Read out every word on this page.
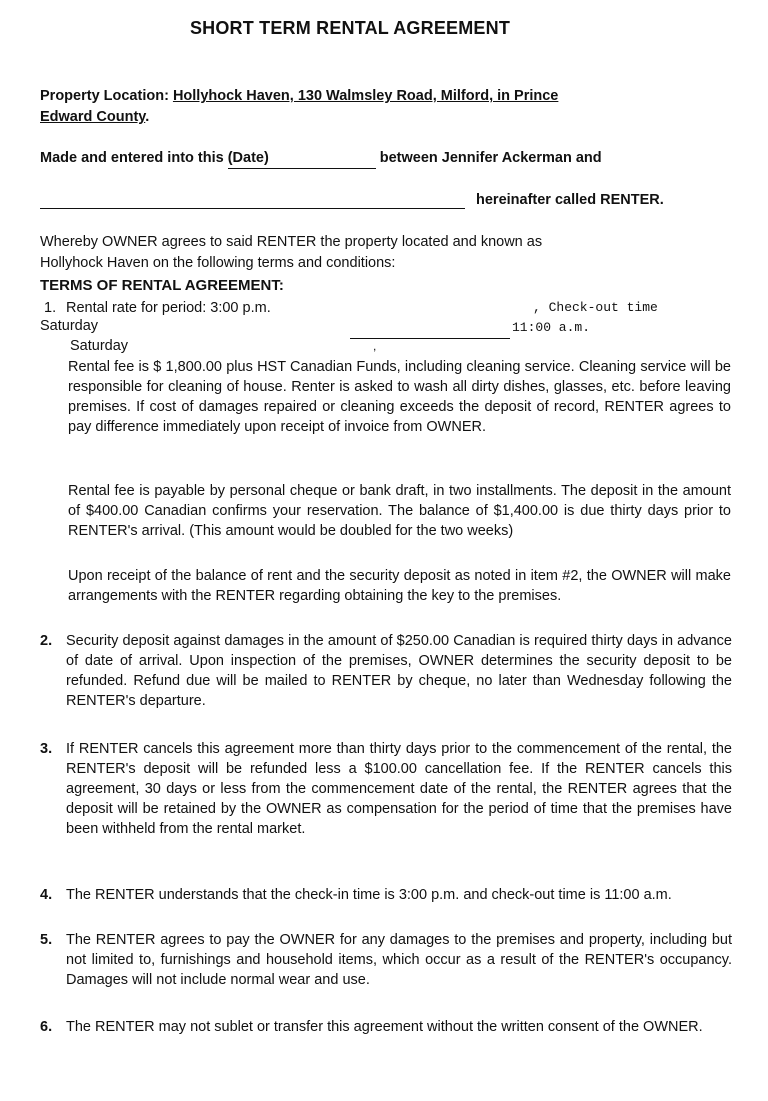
SHORT TERM RENTAL AGREEMENT
Property Location: Hollyhock Haven, 130 Walmsley Road, Milford, in Prince
Edward County.
Made and entered into this (Date)	between Jennifer Ackerman and
hereinafter called RENTER.
Whereby OWNER agrees to said RENTER the property located and known as
Hollyhock Haven on the following terms and conditions:
TERMS OF RENTAL AGREEMENT:
1. Rental rate for period: 3:00 p.m.	, Check-out time
Saturday	11:00 a.m.
,
Saturday
Rental fee is $ 1,800.00 plus HST Canadian Funds, including cleaning service. Cleaning service will be responsible for cleaning of house. Renter is asked to wash all dirty dishes, glasses, etc. before leaving premises. If cost of damages repaired or cleaning exceeds the deposit of record, RENTER agrees to pay difference immediately upon receipt of invoice from OWNER.
Rental fee is payable by personal cheque or bank draft, in two installments. The deposit in the amount of $400.00 Canadian confirms your reservation. The balance of $1,400.00 is due thirty days prior to RENTER's arrival. (This amount would be doubled for the two weeks)
Upon receipt of the balance of rent and the security deposit as noted in item #2, the OWNER will make arrangements with the RENTER regarding obtaining the key to the premises.
2. Security deposit against damages in the amount of $250.00 Canadian is required thirty days in advance of date of arrival. Upon inspection of the premises, OWNER determines the security deposit to be refunded. Refund due will be mailed to RENTER by cheque, no later than Wednesday following the RENTER's departure.
3. If RENTER cancels this agreement more than thirty days prior to the commencement of the rental, the RENTER's deposit will be refunded less a $100.00 cancellation fee. If the RENTER cancels this agreement, 30 days or less from the commencement date of the rental, the RENTER agrees that the deposit will be retained by the OWNER as compensation for the period of time that the premises have been withheld from the rental market.
4. The RENTER understands that the check-in time is 3:00 p.m. and check-out time is 11:00 a.m.
5. The RENTER agrees to pay the OWNER for any damages to the premises and property, including but not limited to, furnishings and household items, which occur as a result of the RENTER's occupancy. Damages will not include normal wear and use.
6. The RENTER may not sublet or transfer this agreement without the written consent of the OWNER.
